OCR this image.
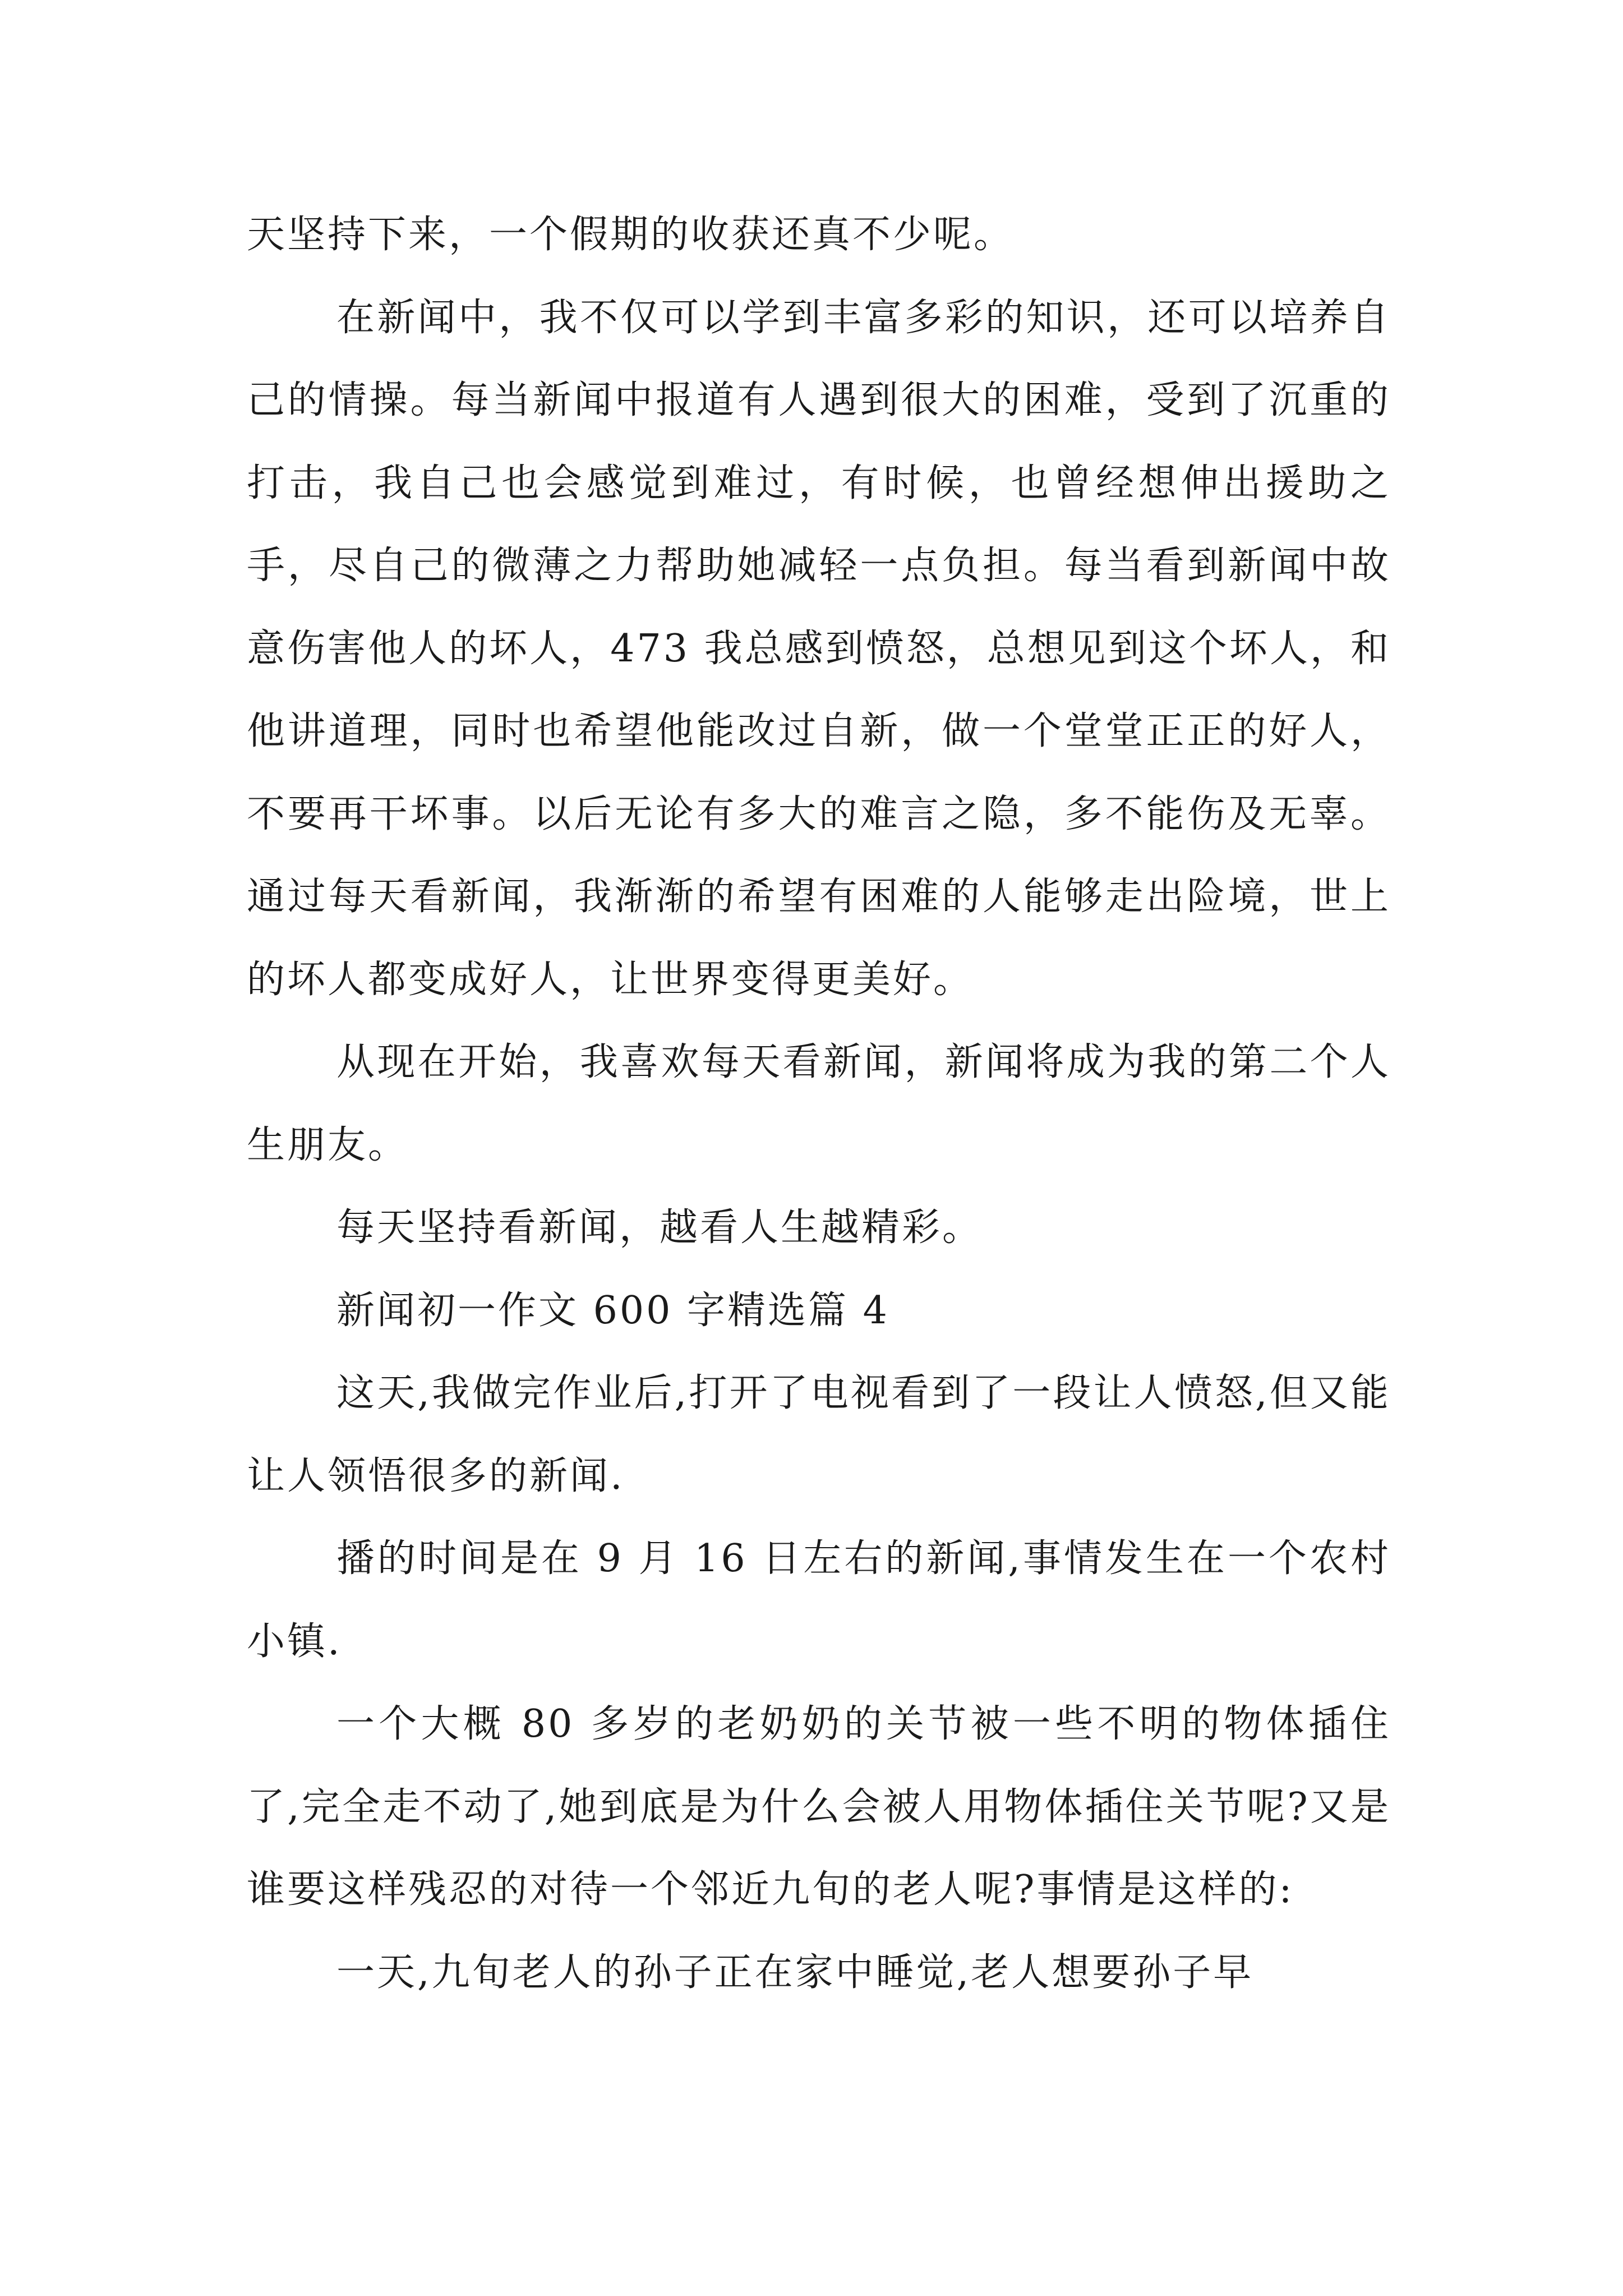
天坚持下来，一个假期的收获还真不少呢。

在新闻中，我不仅可以学到丰富多彩的知识，还可以培养自己的情操。每当新闻中报道有人遇到很大的困难，受到了沉重的打击，我自己也会感觉到难过，有时候，也曾经想伸出援助之手，尽自己的微薄之力帮助她减轻一点负担。每当看到新闻中故意伤害他人的坏人，473 我总感到愤怒，总想见到这个坏人，和他讲道理，同时也希望他能改过自新，做一个堂堂正正的好人，不要再干坏事。以后无论有多大的难言之隐，多不能伤及无辜。通过每天看新闻，我渐渐的希望有困难的人能够走出险境，世上的坏人都变成好人，让世界变得更美好。

从现在开始，我喜欢每天看新闻，新闻将成为我的第二个人生朋友。

每天坚持看新闻，越看人生越精彩。

新闻初一作文 600 字精选篇 4

这天,我做完作业后,打开了电视看到了一段让人愤怒,但又能让人领悟很多的新闻.

播的时间是在 9 月 16 日左右的新闻,事情发生在一个农村小镇.

一个大概 80 多岁的老奶奶的关节被一些不明的物体插住了,完全走不动了,她到底是为什么会被人用物体插住关节呢?又是谁要这样残忍的对待一个邻近九旬的老人呢?事情是这样的:

一天,九旬老人的孙子正在家中睡觉,老人想要孙子早
